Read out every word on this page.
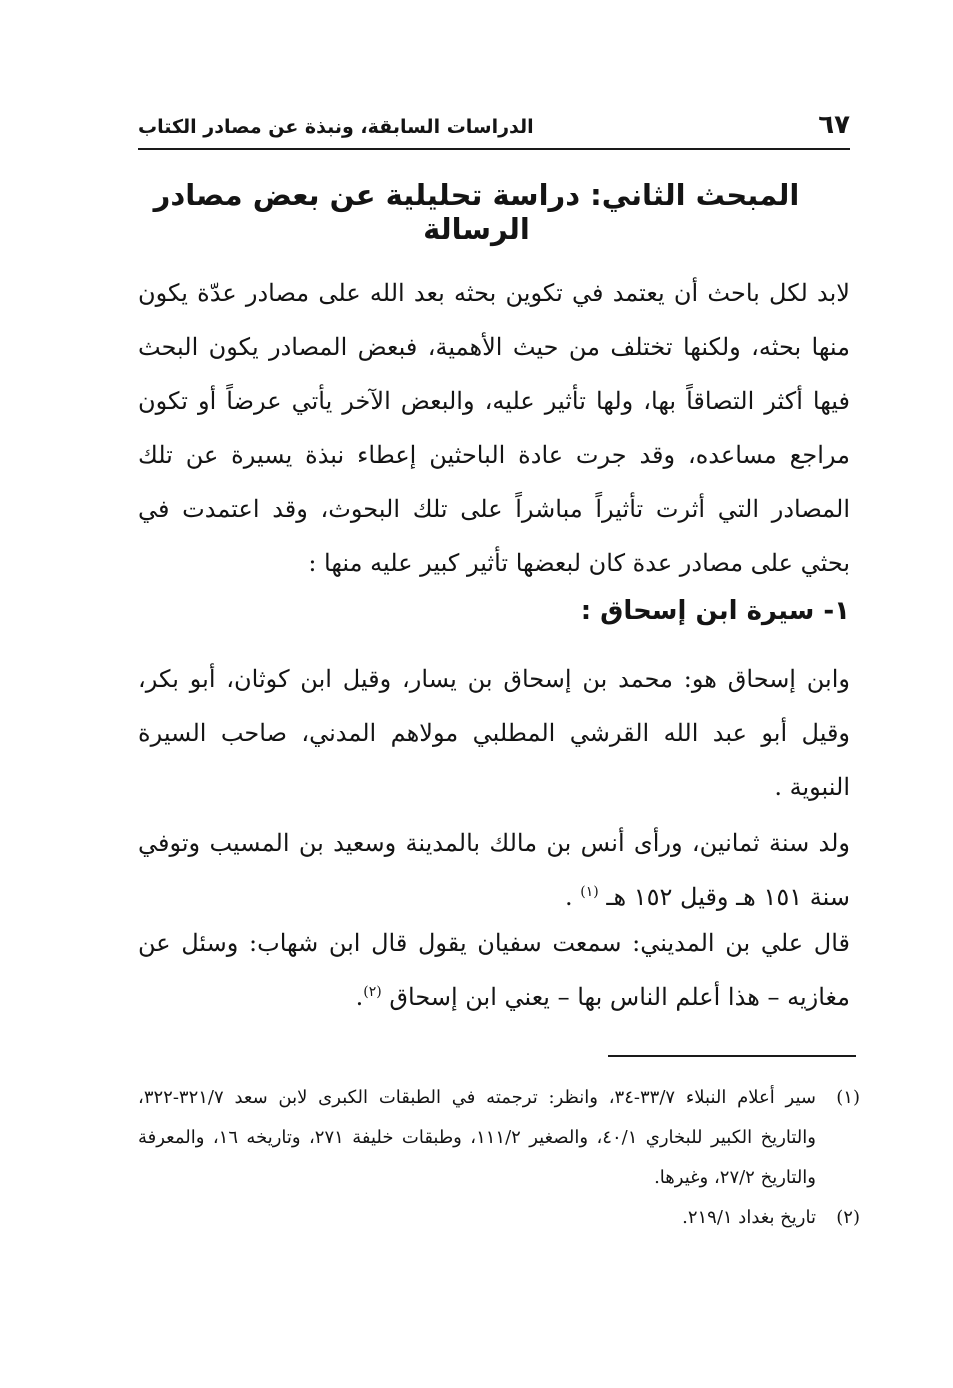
٦٧
الدراسات السابقة، ونبذة عن مصادر الكتاب
المبحث الثاني: دراسة تحليلية عن بعض مصادر الرسالة

لابد لكل باحث أن يعتمد في تكوين بحثه بعد الله على مصادر عدّة يكون منها بحثه، ولكنها تختلف من حيث الأهمية، فبعض المصادر يكون البحث فيها أكثر التصاقاً بها، ولها تأثير عليه، والبعض الآخر يأتي عرضاً أو تكون مراجع مساعده، وقد جرت عادة الباحثين إعطاء نبذة يسيرة عن تلك المصادر التي أثرت تأثيراً مباشراً على تلك البحوث، وقد اعتمدت في بحثي على مصادر عدة كان لبعضها تأثير كبير عليه منها :

١- سيرة ابن إسحاق :

وابن إسحاق هو: محمد بن إسحاق بن يسار، وقيل ابن كوثان، أبو بكر، وقيل أبو عبد الله القرشي المطلبي مولاهم المدني، صاحب السيرة النبوية .

ولد سنة ثمانين، ورأى أنس بن مالك بالمدينة وسعيد بن المسيب وتوفي سنة ١٥١ هـ وقيل ١٥٢ هـ $^{(١)}$ .

قال علي بن المديني: سمعت سفيان يقول قال ابن شهاب: وسئل عن مغازيه – هذا أعلم الناس بها – يعني ابن إسحاق $^{(٢)}$.

(١)
سير أعلام النبلاء ٣٣/٧-٣٤، وانظر: ترجمته في الطبقات الكبرى لابن سعد ٣٢١/٧-٣٢٢، والتاريخ الكبير للبخاري ٤٠/١، والصغير ١١١/٢، وطبقات خليفة ٢٧١، وتاريخه ١٦، والمعرفة والتاريخ ٢٧/٢، وغيرها.
(٢)
تاريخ بغداد ٢١٩/١.
